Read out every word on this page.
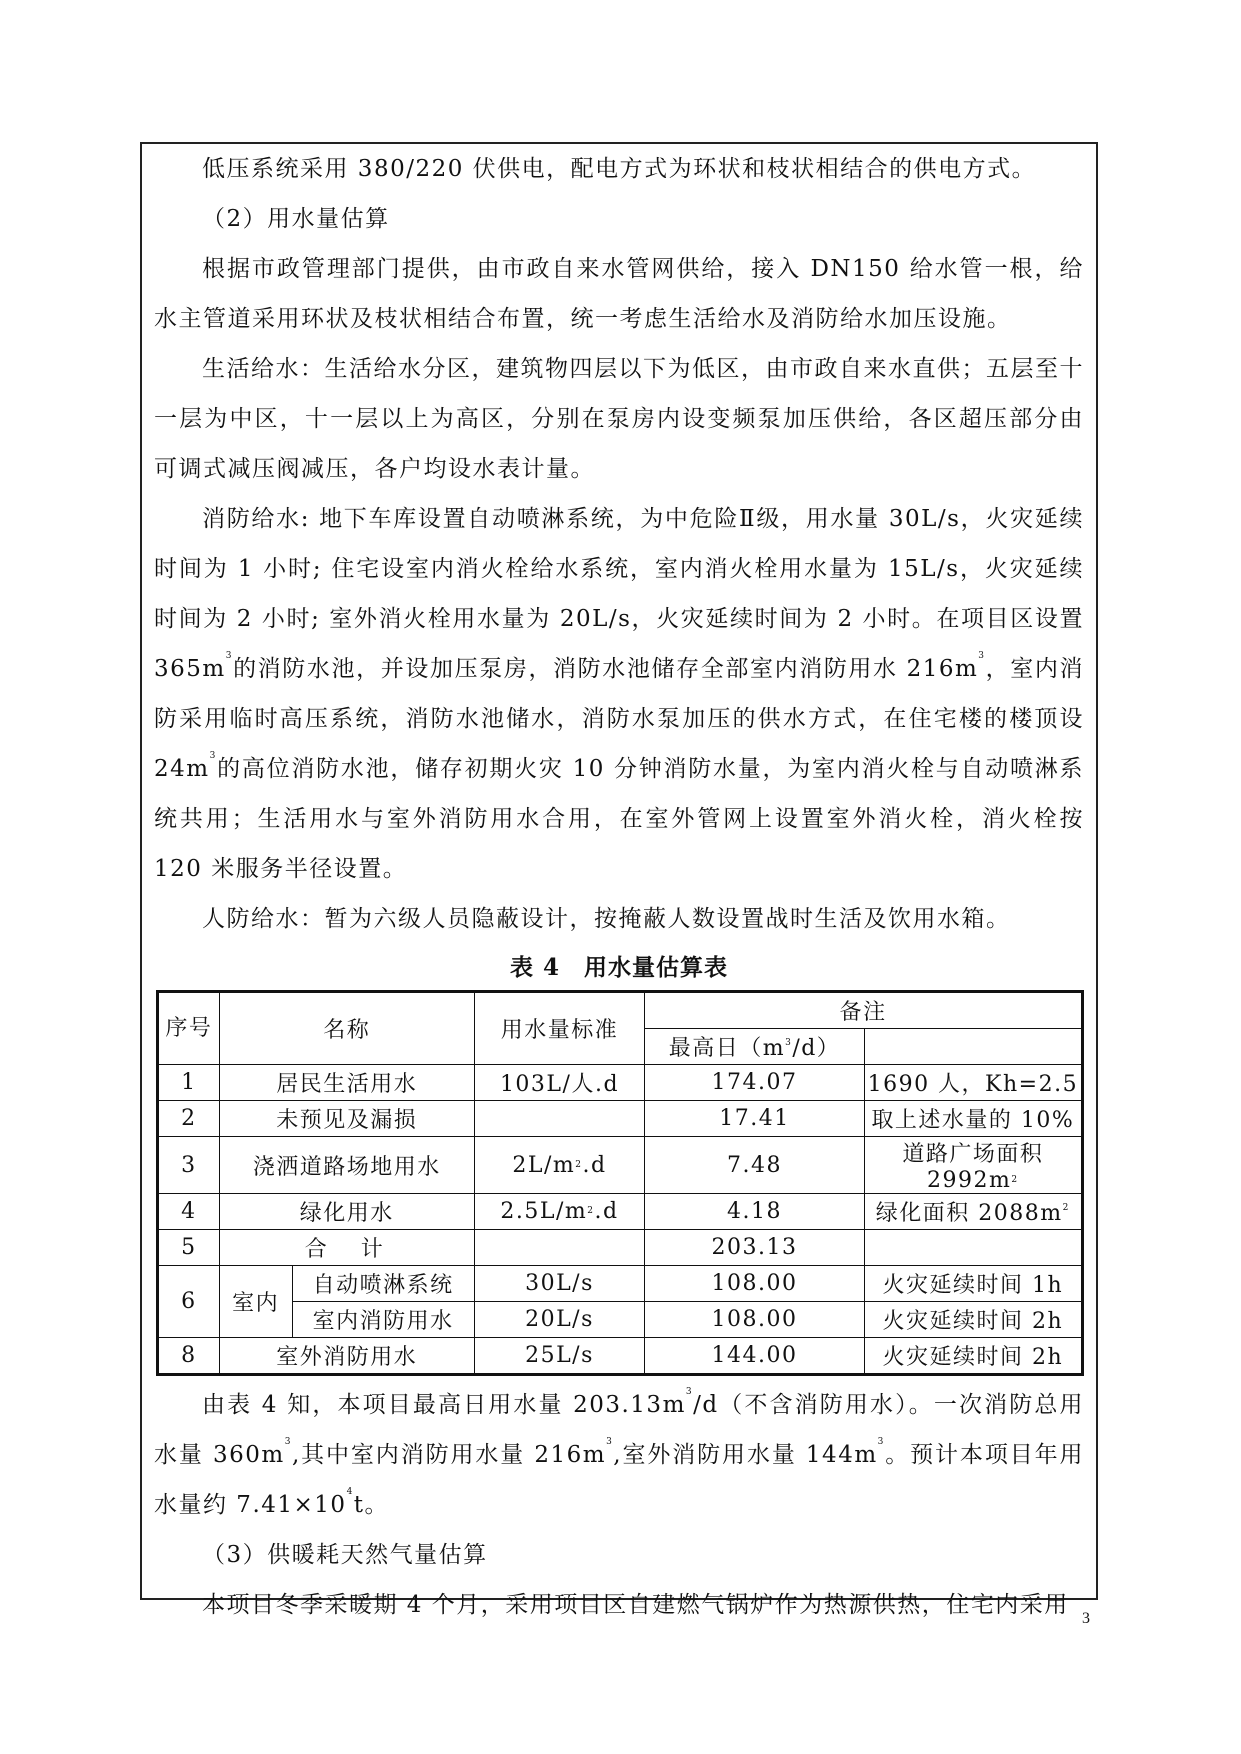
低压系统采用 380/220 伏供电，配电方式为环状和枝状相结合的供电方式。

（2）用水量估算

根据市政管理部门提供，由市政自来水管网供给，接入 DN150 给水管一根，给水主管道采用环状及枝状相结合布置，统一考虑生活给水及消防给水加压设施。

生活给水：生活给水分区，建筑物四层以下为低区，由市政自来水直供；五层至十一层为中区，十一层以上为高区，分别在泵房内设变频泵加压供给，各区超压部分由可调式减压阀减压，各户均设水表计量。

消防给水: 地下车库设置自动喷淋系统，为中危险Ⅱ级，用水量 30L/s，火灾延续时间为 1 小时; 住宅设室内消火栓给水系统，室内消火栓用水量为 15L/s，火灾延续时间为 2 小时; 室外消火栓用水量为 20L/s，火灾延续时间为 2 小时。在项目区设置 $365m^3$的消防水池，并设加压泵房，消防水池储存全部室内消防用水 $216m^3$，室内消防采用临时高压系统，消防水池储水，消防水泵加压的供水方式，在住宅楼的楼顶设 $24m^3$的高位消防水池，储存初期火灾 10 分钟消防水量，为室内消火栓与自动喷淋系统共用；生活用水与室外消防用水合用，在室外管网上设置室外消火栓，消火栓按 120 米服务半径设置。

人防给水：暂为六级人员隐蔽设计，按掩蔽人数设置战时生活及饮用水箱。

表 4 用水量估算表
序号	名称		用水量标准	备注	
				最高日$(m^3/d)$	
1	居民生活用水		103L/人.d	174.07	1690 人，Kh=2.5
2	未预见及漏损			17.41	取上述水量的 10%
3	浇洒道路场地用水		$2L/m^2.d$	7.48	道路广场面积 $2992m^2$
4	绿化用水		$2.5L/m^2.d$	4.18	绿化面积 $2088m^2$
5	合　计			203.13	
6	室内	自动喷淋系统	30L/s	108.00	火灾延续时间 1h
		室内消防用水	20L/s	108.00	火灾延续时间 2h
8	室外消防用水		25L/s	144.00	火灾延续时间 2h

由表 4 知，本项目最高日用水量 $203.13m^3/d$（不含消防用水）。一次消防总用水量 $360m^3$,其中室内消防用水量 $216m^3$,室外消防用水量 $144m^3$。预计本项目年用水量约 $7.41\times 10^4t$。

（3）供暖耗天然气量估算

本项目冬季采暖期 4 个月，采用项目区自建燃气锅炉作为热源供热，住宅内采用

3
